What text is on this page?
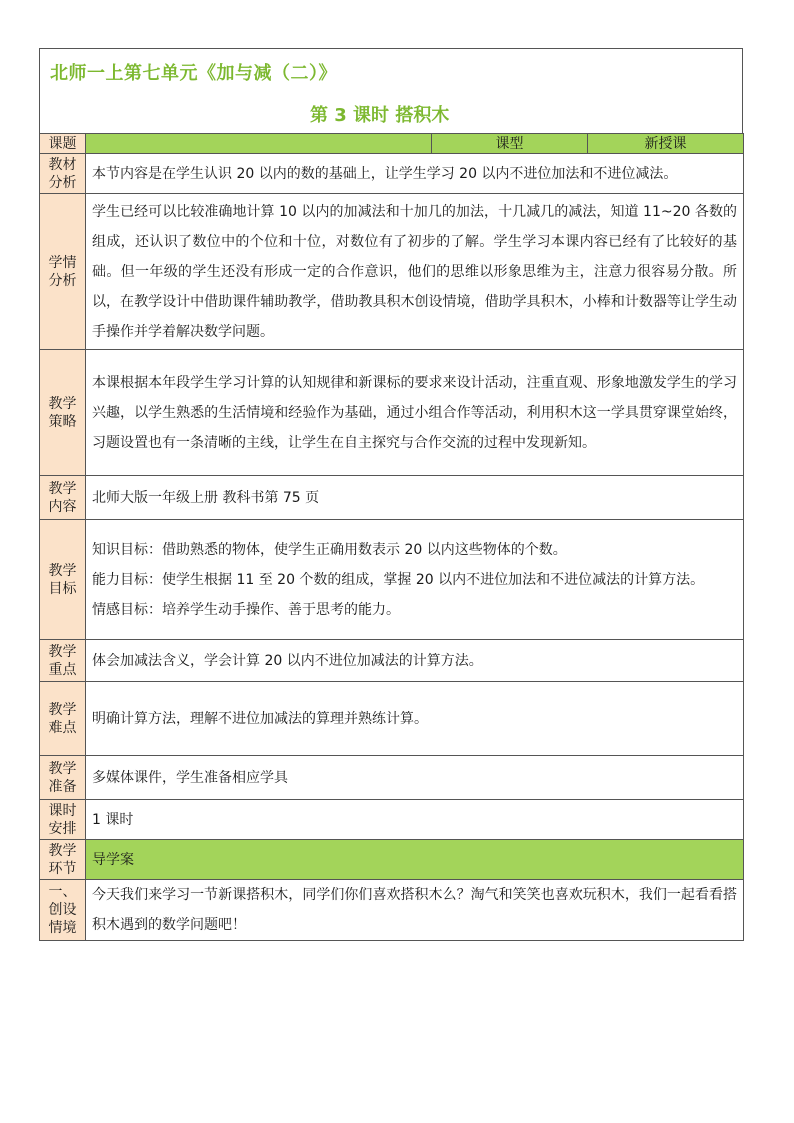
北师一上第七单元《加与减（二）》
第 3 课时 搭积木
课题		课型	新授课
教材分析	本节内容是在学生认识 20 以内的数的基础上，让学生学习 20 以内不进位加法和不进位减法。		
学情分析	学生已经可以比较准确地计算 10 以内的加减法和十加几的加法，十几减几的减法，知道 11~20 各数的组成，还认识了数位中的个位和十位，对数位有了初步的了解。学生学习本课内容已经有了比较好的基础。但一年级的学生还没有形成一定的合作意识，他们的思维以形象思维为主，注意力很容易分散。所以，在教学设计中借助课件辅助教学，借助教具积木创设情境，借助学具积木，小棒和计数器等让学生动手操作并学着解决数学问题。		
教学策略	本课根据本年段学生学习计算的认知规律和新课标的要求来设计活动，注重直观、形象地激发学生的学习兴趣，以学生熟悉的生活情境和经验作为基础，通过小组合作等活动，利用积木这一学具贯穿课堂始终，习题设置也有一条清晰的主线，让学生在自主探究与合作交流的过程中发现新知。		
教学内容	北师大版一年级上册 教科书第 75 页		
教学目标	知识目标：借助熟悉的物体，使学生正确用数表示 20 以内这些物体的个数。
能力目标：使学生根据 11 至 20 个数的组成，掌握 20 以内不进位加法和不进位减法的计算方法。
情感目标：培养学生动手操作、善于思考的能力。		

教学重点	体会加减法含义，学会计算 20 以内不进位加减法的计算方法。		
教学难点	明确计算方法，理解不进位加减法的算理并熟练计算。		
教学准备	多媒体课件，学生准备相应学具		
课时安排	1 课时		
教学环节	导学案		
一、创设情境	今天我们来学习一节新课搭积木，同学们你们喜欢搭积木么？淘气和笑笑也喜欢玩积木，我们一起看看搭积木遇到的数学问题吧！		
